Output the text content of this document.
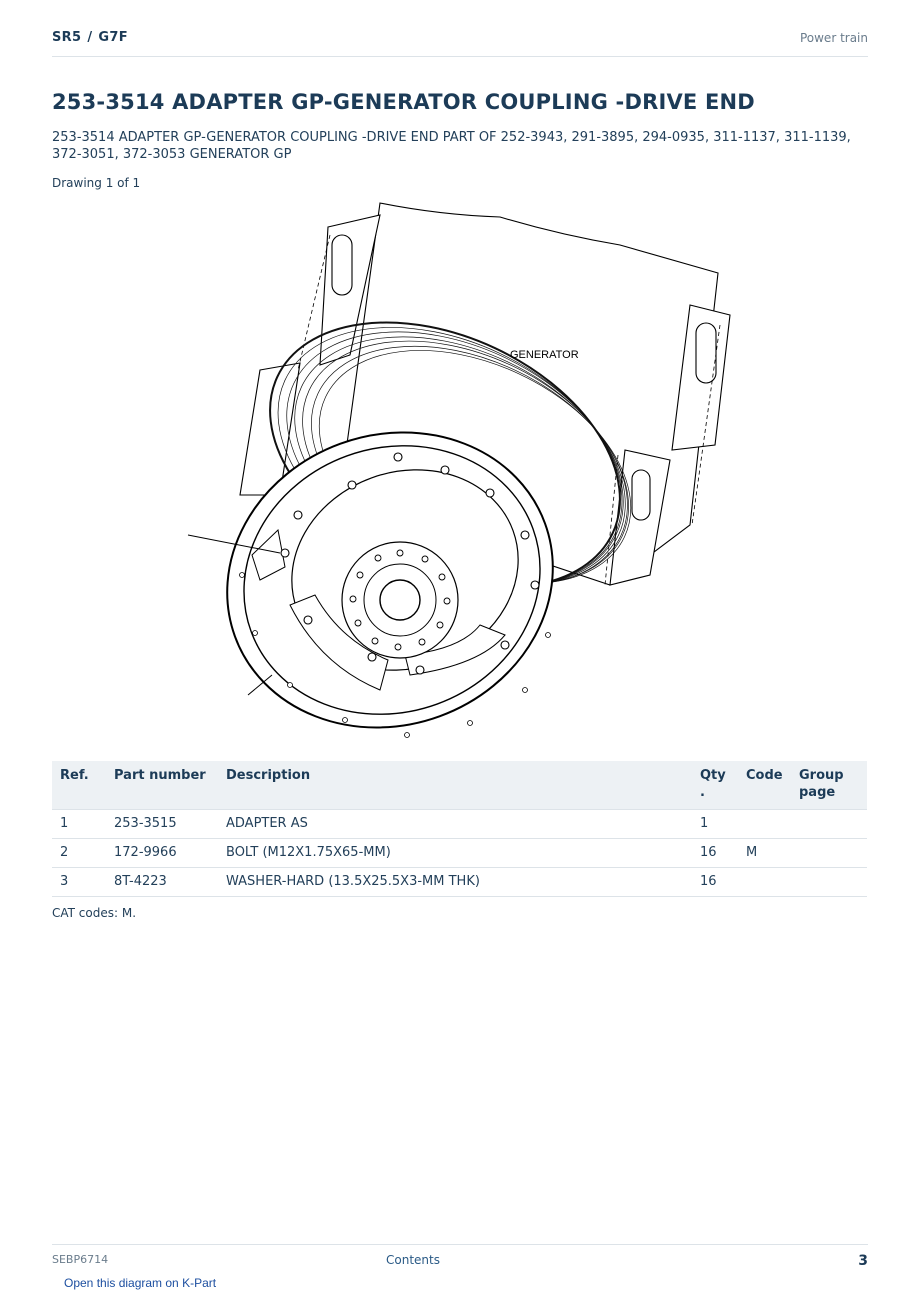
SR5 / G7F	Power train
253-3514 ADAPTER GP-GENERATOR COUPLING -DRIVE END

253-3514 ADAPTER GP-GENERATOR COUPLING -DRIVE END PART OF 252-3943, 291-3895, 294-0935, 311-1137, 311-1139, 372-3051, 372-3053 GENERATOR GP

Drawing 1 of 1
GENERATOR
Ref.	Part number	Description	Qty .	Code	Group page
1	253-3515	ADAPTER AS	1		
2	172-9966	BOLT (M12X1.75X65-MM)	16	M	
3	8T-4223	WASHER-HARD (13.5X25.5X3-MM THK)	16		
CAT codes: M.
SEBP6714	Contents	3
Open this diagram on K-Part
